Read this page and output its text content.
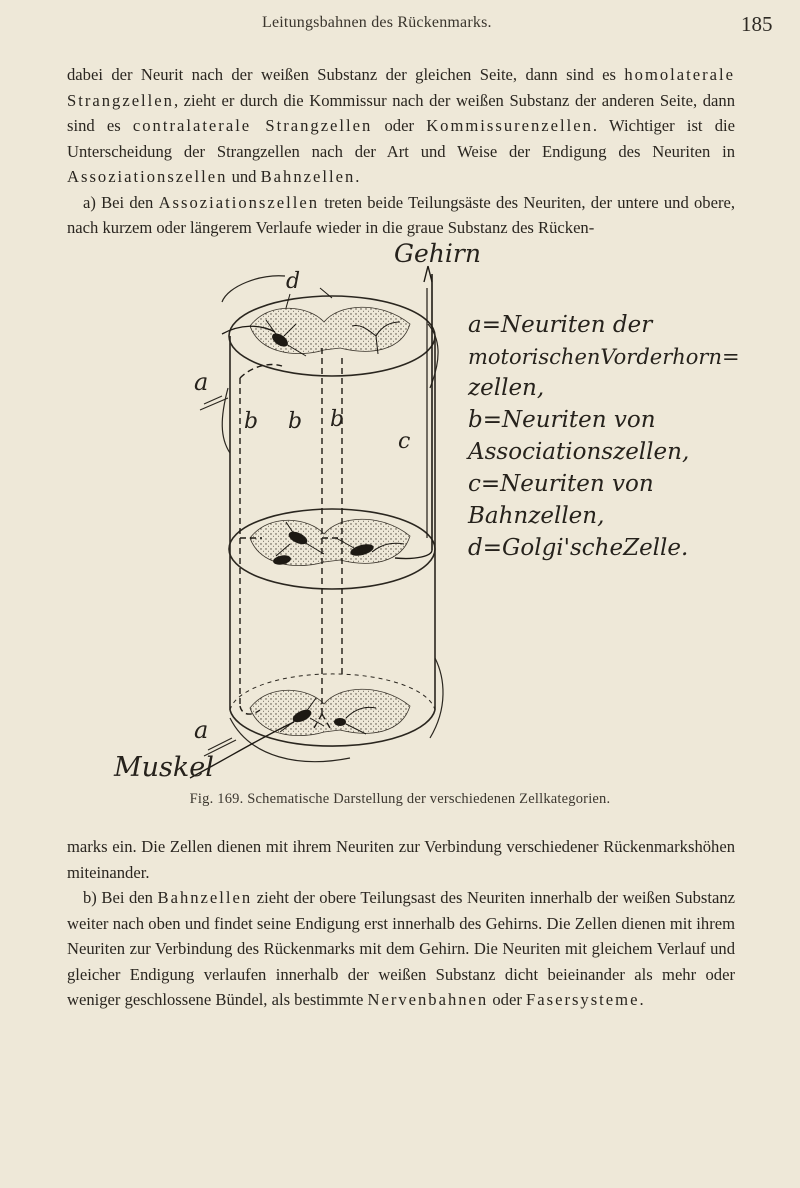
Leitungsbahnen des Rückenmarks.	185

dabei der Neurit nach der weißen Substanz der gleichen Seite, dann sind es homolaterale Strangzellen, zieht er durch die Kommissur nach der weißen Substanz der anderen Seite, dann sind es contralaterale Strangzellen oder Kommissurenzellen. Wichtiger ist die Unterscheidung der Strangzellen nach der Art und Weise der Endigung des Neuriten in Assoziationszellen und Bahnzellen.

a) Bei den Assoziationszellen treten beide Teilungsäste des Neuriten, der untere und obere, nach kurzem oder längerem Verlaufe wieder in die graue Substanz des Rücken-

d
a
b b b
c
a
Gehirn
Muskel
a=Neuriten der
motorischenVorderhorn=
zellen,
b=Neuriten von
Associationszellen,
c=Neuriten von
Bahnzellen,
d=Golgi'scheZelle.
Fig. 169. Schematische Darstellung der verschiedenen Zellkategorien.

marks ein. Die Zellen dienen mit ihrem Neuriten zur Verbindung verschiedener Rückenmarkshöhen miteinander.

b) Bei den Bahnzellen zieht der obere Teilungsast des Neuriten innerhalb der weißen Substanz weiter nach oben und findet seine Endigung erst innerhalb des Gehirns. Die Zellen dienen mit ihrem Neuriten zur Verbindung des Rückenmarks mit dem Gehirn. Die Neuriten mit gleichem Verlauf und gleicher Endigung verlaufen innerhalb der weißen Substanz dicht beieinander als mehr oder weniger geschlossene Bündel, als bestimmte Nervenbahnen oder Fasersysteme.
